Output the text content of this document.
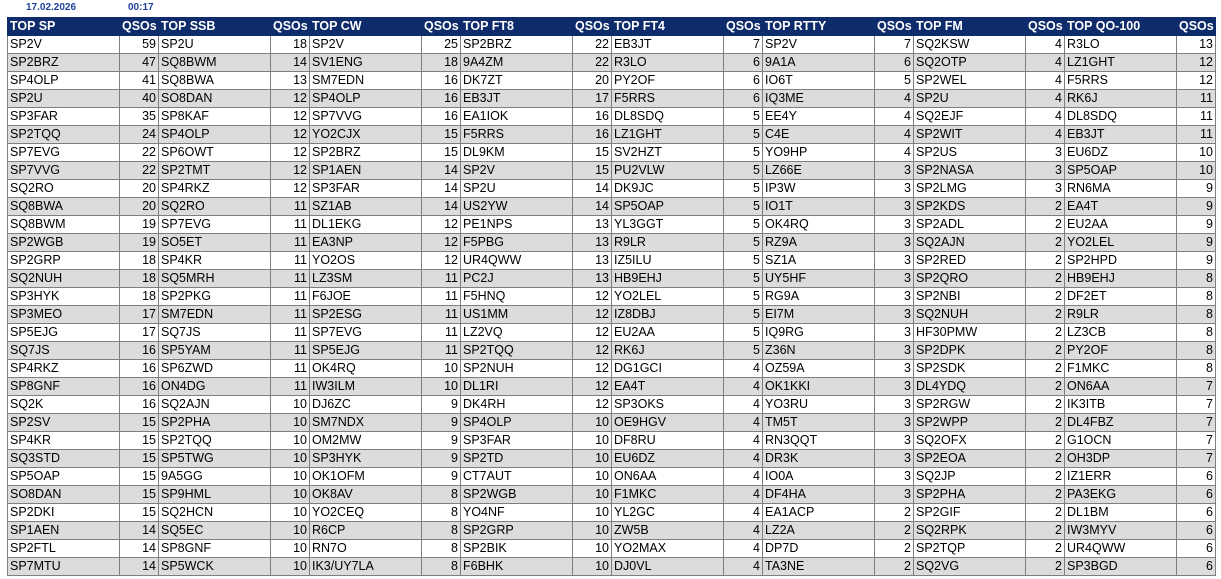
17.02.2026	00:17
TOP SP	QSOs	TOP SSB	QSOs	TOP CW	QSOs	TOP FT8	QSOs	TOP FT4	QSOs	TOP RTTY	QSOs	TOP FM	QSOs	TOP QO-100	QSOs
SP2V	59	SP2U	18	SP2V	25	SP2BRZ	22	EB3JT	7	SP2V	7	SQ2KSW	4	R3LO	13
SP2BRZ	47	SQ8BWM	14	SV1ENG	18	9A4ZM	22	R3LO	6	9A1A	6	SQ2OTP	4	LZ1GHT	12
SP4OLP	41	SQ8BWA	13	SM7EDN	16	DK7ZT	20	PY2OF	6	IO6T	5	SP2WEL	4	F5RRS	12
SP2U	40	SO8DAN	12	SP4OLP	16	EB3JT	17	F5RRS	6	IQ3ME	4	SP2U	4	RK6J	11
SP3FAR	35	SP8KAF	12	SP7VVG	16	EA1IOK	16	DL8SDQ	5	EE4Y	4	SQ2EJF	4	DL8SDQ	11
SP2TQQ	24	SP4OLP	12	YO2CJX	15	F5RRS	16	LZ1GHT	5	C4E	4	SP2WIT	4	EB3JT	11
SP7EVG	22	SP6OWT	12	SP2BRZ	15	DL9KM	15	SV2HZT	5	YO9HP	4	SP2US	3	EU6DZ	10
SP7VVG	22	SP2TMT	12	SP1AEN	14	SP2V	15	PU2VLW	5	LZ66E	3	SP2NASA	3	SP5OAP	10
SQ2RO	20	SP4RKZ	12	SP3FAR	14	SP2U	14	DK9JC	5	IP3W	3	SP2LMG	3	RN6MA	9
SQ8BWA	20	SQ2RO	11	SZ1AB	14	US2YW	14	SP5OAP	5	IO1T	3	SP2KDS	2	EA4T	9
SQ8BWM	19	SP7EVG	11	DL1EKG	12	PE1NPS	13	YL3GGT	5	OK4RQ	3	SP2ADL	2	EU2AA	9
SP2WGB	19	SO5ET	11	EA3NP	12	F5PBG	13	R9LR	5	RZ9A	3	SQ2AJN	2	YO2LEL	9
SP2GRP	18	SP4KR	11	YO2OS	12	UR4QWW	13	IZ5ILU	5	SZ1A	3	SP2RED	2	SP2HPD	9
SQ2NUH	18	SQ5MRH	11	LZ3SM	11	PC2J	13	HB9EHJ	5	UY5HF	3	SP2QRO	2	HB9EHJ	8
SP3HYK	18	SP2PKG	11	F6JOE	11	F5HNQ	12	YO2LEL	5	RG9A	3	SP2NBI	2	DF2ET	8
SP3MEO	17	SM7EDN	11	SP2ESG	11	US1MM	12	IZ8DBJ	5	EI7M	3	SQ2NUH	2	R9LR	8
SP5EJG	17	SQ7JS	11	SP7EVG	11	LZ2VQ	12	EU2AA	5	IQ9RG	3	HF30PMW	2	LZ3CB	8
SQ7JS	16	SP5YAM	11	SP5EJG	11	SP2TQQ	12	RK6J	5	Z36N	3	SP2DPK	2	PY2OF	8
SP4RKZ	16	SP6ZWD	11	OK4RQ	10	SP2NUH	12	DG1GCI	4	OZ59A	3	SP2SDK	2	F1MKC	8
SP8GNF	16	ON4DG	11	IW3ILM	10	DL1RI	12	EA4T	4	OK1KKI	3	DL4YDQ	2	ON6AA	7
SQ2K	16	SQ2AJN	10	DJ6ZC	9	DK4RH	12	SP3OKS	4	YO3RU	3	SP2RGW	2	IK3ITB	7
SP2SV	15	SP2PHA	10	SM7NDX	9	SP4OLP	10	OE9HGV	4	TM5T	3	SP2WPP	2	DL4FBZ	7
SP4KR	15	SP2TQQ	10	OM2MW	9	SP3FAR	10	DF8RU	4	RN3QQT	3	SQ2OFX	2	G1OCN	7
SQ3STD	15	SP5TWG	10	SP3HYK	9	SP2TD	10	EU6DZ	4	DR3K	3	SP2EOA	2	OH3DP	7
SP5OAP	15	9A5GG	10	OK1OFM	9	CT7AUT	10	ON6AA	4	IO0A	3	SQ2JP	2	IZ1ERR	6
SO8DAN	15	SP9HML	10	OK8AV	8	SP2WGB	10	F1MKC	4	DF4HA	3	SP2PHA	2	PA3EKG	6
SP2DKI	15	SQ2HCN	10	YO2CEQ	8	YO4NF	10	YL2GC	4	EA1ACP	2	SP2GIF	2	DL1BM	6
SP1AEN	14	SQ5EC	10	R6CP	8	SP2GRP	10	ZW5B	4	LZ2A	2	SQ2RPK	2	IW3MYV	6
SP2FTL	14	SP8GNF	10	RN7O	8	SP2BIK	10	YO2MAX	4	DP7D	2	SP2TQP	2	UR4QWW	6
SP7MTU	14	SP5WCK	10	IK3/UY7LA	8	F6BHK	10	DJ0VL	4	TA3NE	2	SQ2VG	2	SP3BGD	6
